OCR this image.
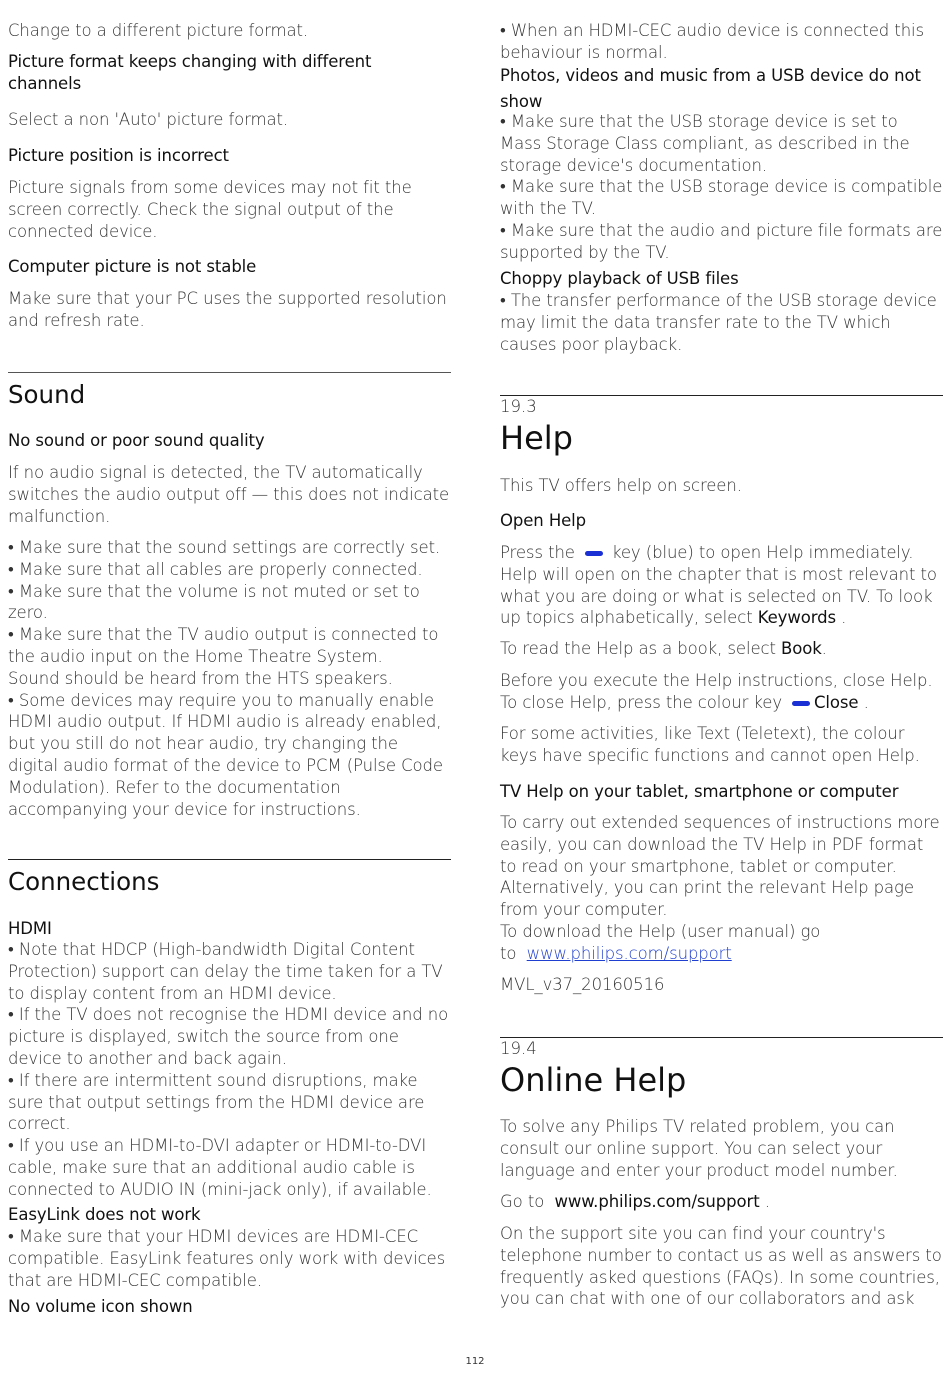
Change to a different picture format.

Picture format keeps changing with different channels

Select a non 'Auto' picture format.

Picture position is incorrect

Picture signals from some devices may not fit the screen correctly. Check the signal output of the connected device.

Computer picture is not stable

Make sure that your PC uses the supported resolution and refresh rate.

Sound

No sound or poor sound quality

If no audio signal is detected, the TV automatically switches the audio output off — this does not indicate malfunction.

• Make sure that the sound settings are correctly set.
• Make sure that all cables are properly connected.
• Make sure that the volume is not muted or set to zero.
• Make sure that the TV audio output is connected to the audio input on the Home Theatre System.
Sound should be heard from the HTS speakers.
• Some devices may require you to manually enable HDMI audio output. If HDMI audio is already enabled, but you still do not hear audio, try changing the digital audio format of the device to PCM (Pulse Code Modulation). Refer to the documentation accompanying your device for instructions.

Connections

HDMI

• Note that HDCP (High-bandwidth Digital Content Protection) support can delay the time taken for a TV to display content from an HDMI device.
• If the TV does not recognise the HDMI device and no picture is displayed, switch the source from one device to another and back again.
• If there are intermittent sound disruptions, make sure that output settings from the HDMI device are correct.
• If you use an HDMI-to-DVI adapter or HDMI-to-DVI cable, make sure that an additional audio cable is connected to AUDIO IN (mini-jack only), if available.

EasyLink does not work

• Make sure that your HDMI devices are HDMI-CEC compatible. EasyLink features only work with devices that are HDMI-CEC compatible.

No volume icon shown

• When an HDMI-CEC audio device is connected this behaviour is normal.

Photos, videos and music from a USB device do not show

• Make sure that the USB storage device is set to Mass Storage Class compliant, as described in the storage device's documentation.
• Make sure that the USB storage device is compatible with the TV.
• Make sure that the audio and picture file formats are supported by the TV.

Choppy playback of USB files

• The transfer performance of the USB storage device may limit the data transfer rate to the TV which causes poor playback.

19.3

Help

This TV offers help on screen.

Open Help

Press the key (blue) to open Help immediately. Help will open on the chapter that is most relevant to what you are doing or what is selected on TV. To look up topics alphabetically, select Keywords .

To read the Help as a book, select Book.

Before you execute the Help instructions, close Help. To close Help, press the colour key Close .

For some activities, like Text (Teletext), the colour keys have specific functions and cannot open Help.

TV Help on your tablet, smartphone or computer

To carry out extended sequences of instructions more easily, you can download the TV Help in PDF format to read on your smartphone, tablet or computer. Alternatively, you can print the relevant Help page from your computer.
To download the Help (user manual) go

to www.philips.com/support

MVL_v37_20160516

19.4

Online Help

To solve any Philips TV related problem, you can consult our online support. You can select your language and enter your product model number.

Go to www.philips.com/support .

On the support site you can find your country's telephone number to contact us as well as answers to frequently asked questions (FAQs). In some countries, you can chat with one of our collaborators and ask

112
